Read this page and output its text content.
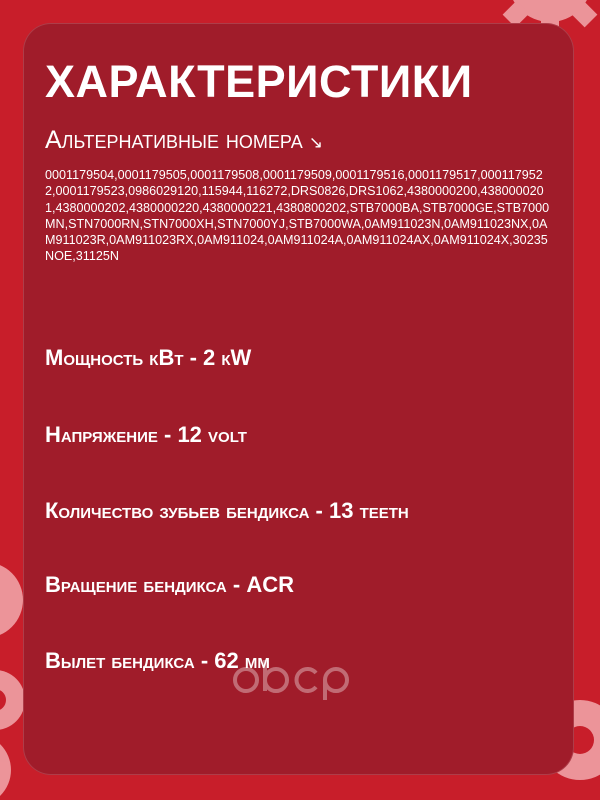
ХАРАКТЕРИСТИКИ
Альтернативные номера ↘
0001179504,0001179505,0001179508,0001179509,0001179516,0001179517,0001179522,0001179523,0986029120,115944,116272,DRS0826,DRS1062,4380000200,4380000201,4380000202,4380000220,4380000221,4380800202,STB7000BA,STB7000GE,STB7000MN,STN7000RN,STN7000XH,STN7000YJ,STB7000WA,0AM911023N,0AM911023NX,0AM911023R,0AM911023RX,0AM911024,0AM911024A,0AM911024AX,0AM911024X,30235NOE,31125N
Мощность кВт - 2 кW
Напряжение - 12 volt
Количество зубьев бендикса - 13 teeth
Вращение бендикса - ACR
Вылет бендикса - 62 мм
